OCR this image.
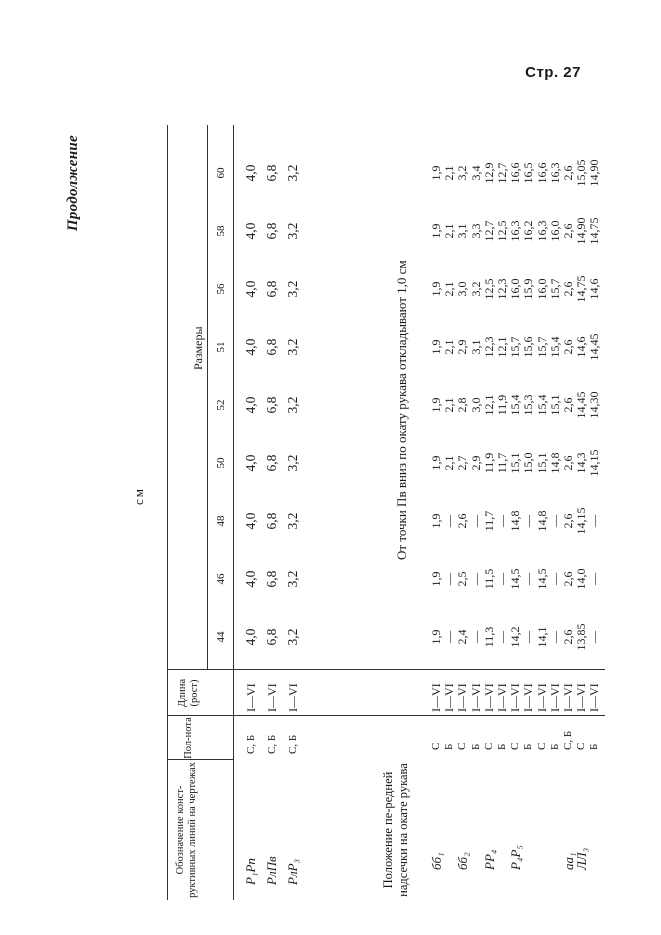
Стр. 27
Продолжение
см
Обозначение конст-руктивных линий на чертежах
Пол-нота
Длина (рост)
Размеры
44
46
48
50
52
51
56
58
60
Р₁Рп
С, Б
I—VI
4,0
4,0
4,0
4,0
4,0
4,0
4,0
4,0
4,0
РлПв
С, Б
I—VI
6,8
6,8
6,8
6,8
6,8
6,8
6,8
6,8
6,8
РлР₃
С, Б
I—VI
3,2
3,2
3,2
3,2
3,2
3,2
3,2
3,2
3,2
Положение пе-редней надсечки на окате рукава
От точки Пв вниз по окату рукава откладывают 1,0 см
бб₁
С
I—VI
1,9
1,9
1,9
1,9
1,9
1,9
1,9
1,9
1,9
Б
I—VI
—
—
—
2,1
2,1
2,1
2,1
2,1
2,1
бб₂
С
I—VI
2,4
2,5
2,6
2,7
2,8
2,9
3,0
3,1
3,2
Б
I—VI
—
—
—
2,9
3,0
3,1
3,2
3,3
3,4
РР₄
С
I—VI
11,3
11,5
11,7
11,9
12,1
12,3
12,5
12,7
12,9
Б
I—VI
—
—
—
11,7
11,9
12,1
12,3
12,5
12,7
Р₄Р₅
С
I—VI
14,2
14,5
14,8
15,1
15,4
15,7
16,0
16,3
16,6
Б
I—VI
—
—
—
15,0
15,3
15,6
15,9
16,2
16,5
С
I—VI
14,1
14,5
14,8
15,1
15,4
15,7
16,0
16,3
16,6
Б
I—VI
—
—
—
14,8
15,1
15,4
15,7
16,0
16,3
аа₁
С, Б
I—VI
2,6
2,6
2,6
2,6
2,6
2,6
2,6
2,6
2,6
ЛЛ₃
С
I—VI
13,85
14,0
14,15
14,3
14,45
14,6
14,75
14,90
15,05
Б
I—VI
—
—
—
14,15
14,30
14,45
14,6
14,75
14,90
